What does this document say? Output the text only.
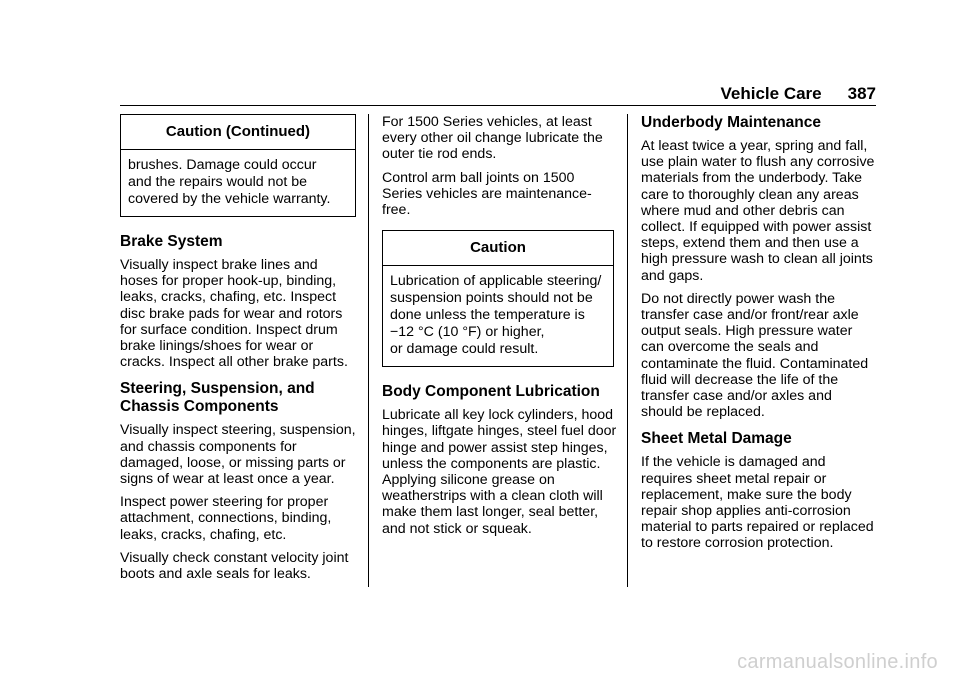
Vehicle Care 387
Caution (Continued)
brushes. Damage could occur
and the repairs would not be
covered by the vehicle warranty.
Brake System

Visually inspect brake lines and hoses for proper hook-up, binding, leaks, cracks, chafing, etc. Inspect disc brake pads for wear and rotors for surface condition. Inspect drum brake linings/shoes for wear or cracks. Inspect all other brake parts.

Steering, Suspension, and Chassis Components

Visually inspect steering, suspension, and chassis components for damaged, loose, or missing parts or signs of wear at least once a year.

Inspect power steering for proper attachment, connections, binding, leaks, cracks, chafing, etc.

Visually check constant velocity joint boots and axle seals for leaks.

For 1500 Series vehicles, at least every other oil change lubricate the outer tie rod ends.

Control arm ball joints on 1500 Series vehicles are maintenance-free.

Caution
Lubrication of applicable steering/
suspension points should not be
done unless the temperature is
−12 °C (10 °F) or higher,
or damage could result.
Body Component Lubrication

Lubricate all key lock cylinders, hood hinges, liftgate hinges, steel fuel door hinge and power assist step hinges, unless the components are plastic. Applying silicone grease on weatherstrips with a clean cloth will make them last longer, seal better, and not stick or squeak.

Underbody Maintenance

At least twice a year, spring and fall, use plain water to flush any corrosive materials from the underbody. Take care to thoroughly clean any areas where mud and other debris can collect. If equipped with power assist steps, extend them and then use a high pressure wash to clean all joints and gaps.

Do not directly power wash the transfer case and/or front/rear axle output seals. High pressure water can overcome the seals and contaminate the fluid. Contaminated fluid will decrease the life of the transfer case and/or axles and should be replaced.

Sheet Metal Damage

If the vehicle is damaged and requires sheet metal repair or replacement, make sure the body repair shop applies anti-corrosion material to parts repaired or replaced to restore corrosion protection.

carmanualsonline.info
